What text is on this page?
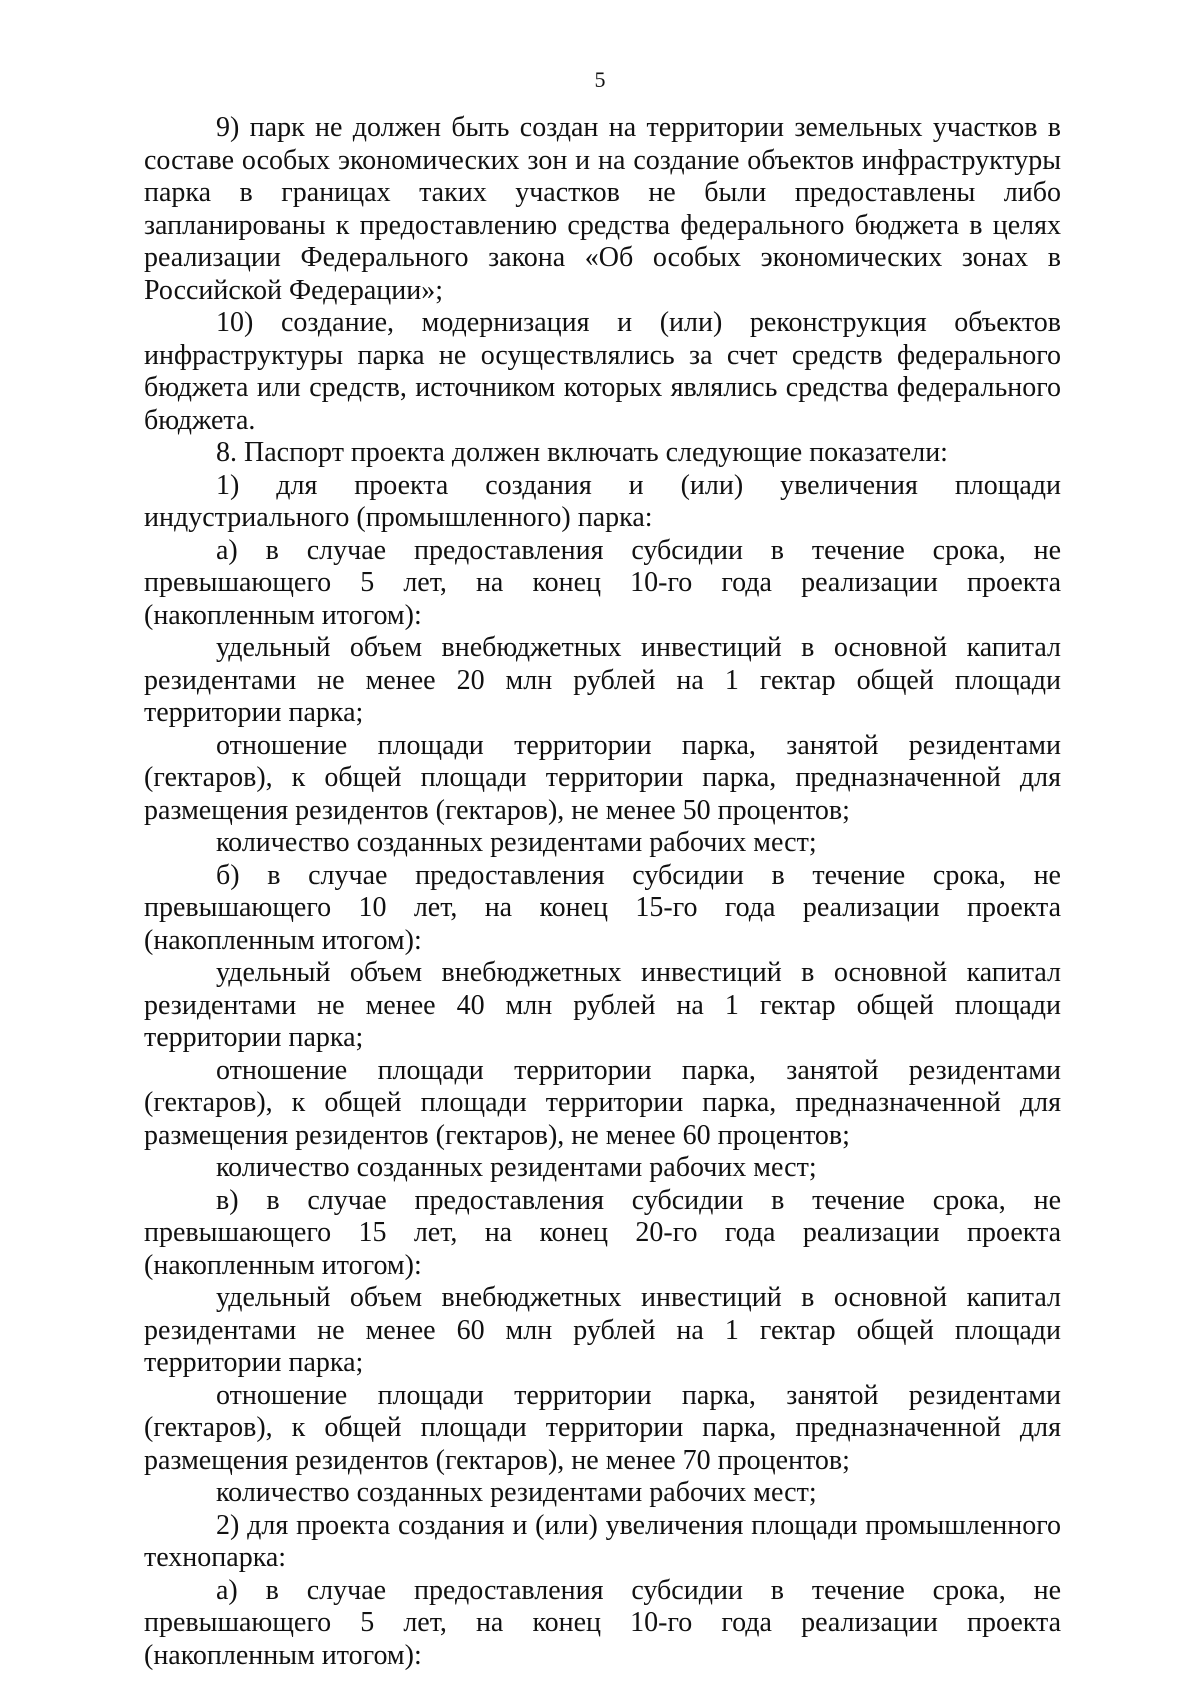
5

9) парк не должен быть создан на территории земельных участков в составе особых экономических зон и на создание объектов инфраструктуры парка в границах таких участков не были предоставлены либо запланированы к предоставлению средства федерального бюджета в целях реализации Федерального закона «Об особых экономических зонах в Российской Федерации»;

10) создание, модернизация и (или) реконструкция объектов инфраструктуры парка не осуществлялись за счет средств федерального бюджета или средств, источником которых являлись средства федерального бюджета.

8. Паспорт проекта должен включать следующие показатели:

1) для проекта создания и (или) увеличения площади индустриального (промышленного) парка:

а) в случае предоставления субсидии в течение срока, не превышающего 5 лет, на конец 10-го года реализации проекта (накопленным итогом):

удельный объем внебюджетных инвестиций в основной капитал резидентами не менее 20 млн рублей на 1 гектар общей площади территории парка;

отношение площади территории парка, занятой резидентами (гектаров), к общей площади территории парка, предназначенной для размещения резидентов (гектаров), не менее 50 процентов;

количество созданных резидентами рабочих мест;

б) в случае предоставления субсидии в течение срока, не превышающего 10 лет, на конец 15-го года реализации проекта (накопленным итогом):

удельный объем внебюджетных инвестиций в основной капитал резидентами не менее 40 млн рублей на 1 гектар общей площади территории парка;

отношение площади территории парка, занятой резидентами (гектаров), к общей площади территории парка, предназначенной для размещения резидентов (гектаров), не менее 60 процентов;

количество созданных резидентами рабочих мест;

в) в случае предоставления субсидии в течение срока, не превышающего 15 лет, на конец 20-го года реализации проекта (накопленным итогом):

удельный объем внебюджетных инвестиций в основной капитал резидентами не менее 60 млн рублей на 1 гектар общей площади территории парка;

отношение площади территории парка, занятой резидентами (гектаров), к общей площади территории парка, предназначенной для размещения резидентов (гектаров), не менее 70 процентов;

количество созданных резидентами рабочих мест;

2) для проекта создания и (или) увеличения площади промышленного технопарка:

а) в случае предоставления субсидии в течение срока, не превышающего 5 лет, на конец 10-го года реализации проекта (накопленным итогом):
